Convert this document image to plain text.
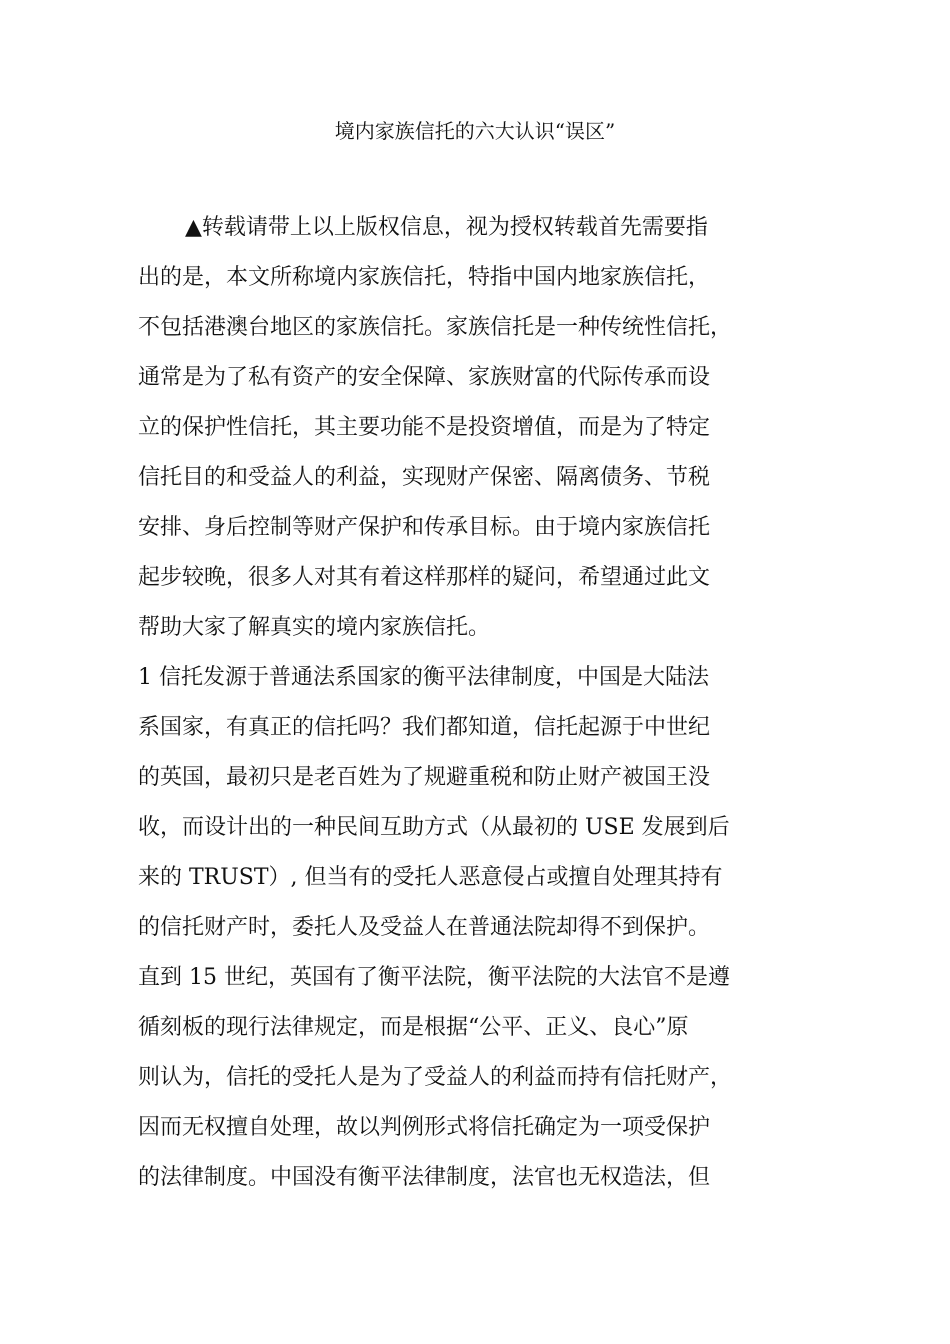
境内家族信托的六大认识“误区”

▲转载请带上以上版权信息，视为授权转载首先需要指

出的是，本文所称境内家族信托，特指中国内地家族信托，

不包括港澳台地区的家族信托。家族信托是一种传统性信托，

通常是为了私有资产的安全保障、家族财富的代际传承而设

立的保护性信托，其主要功能不是投资增值，而是为了特定

信托目的和受益人的利益，实现财产保密、隔离债务、节税

安排、身后控制等财产保护和传承目标。由于境内家族信托

起步较晚，很多人对其有着这样那样的疑问，希望通过此文

帮助大家了解真实的境内家族信托。

1 信托发源于普通法系国家的衡平法律制度，中国是大陆法

系国家，有真正的信托吗？我们都知道，信托起源于中世纪

的英国，最初只是老百姓为了规避重税和防止财产被国王没

收，而设计出的一种民间互助方式（从最初的 USE 发展到后

来的 TRUST）, 但当有的受托人恶意侵占或擅自处理其持有

的信托财产时，委托人及受益人在普通法院却得不到保护。

直到 15 世纪，英国有了衡平法院，衡平法院的大法官不是遵

循刻板的现行法律规定，而是根据“公平、正义、良心”原

则认为，信托的受托人是为了受益人的利益而持有信托财产，

因而无权擅自处理，故以判例形式将信托确定为一项受保护

的法律制度。中国没有衡平法律制度，法官也无权造法，但
